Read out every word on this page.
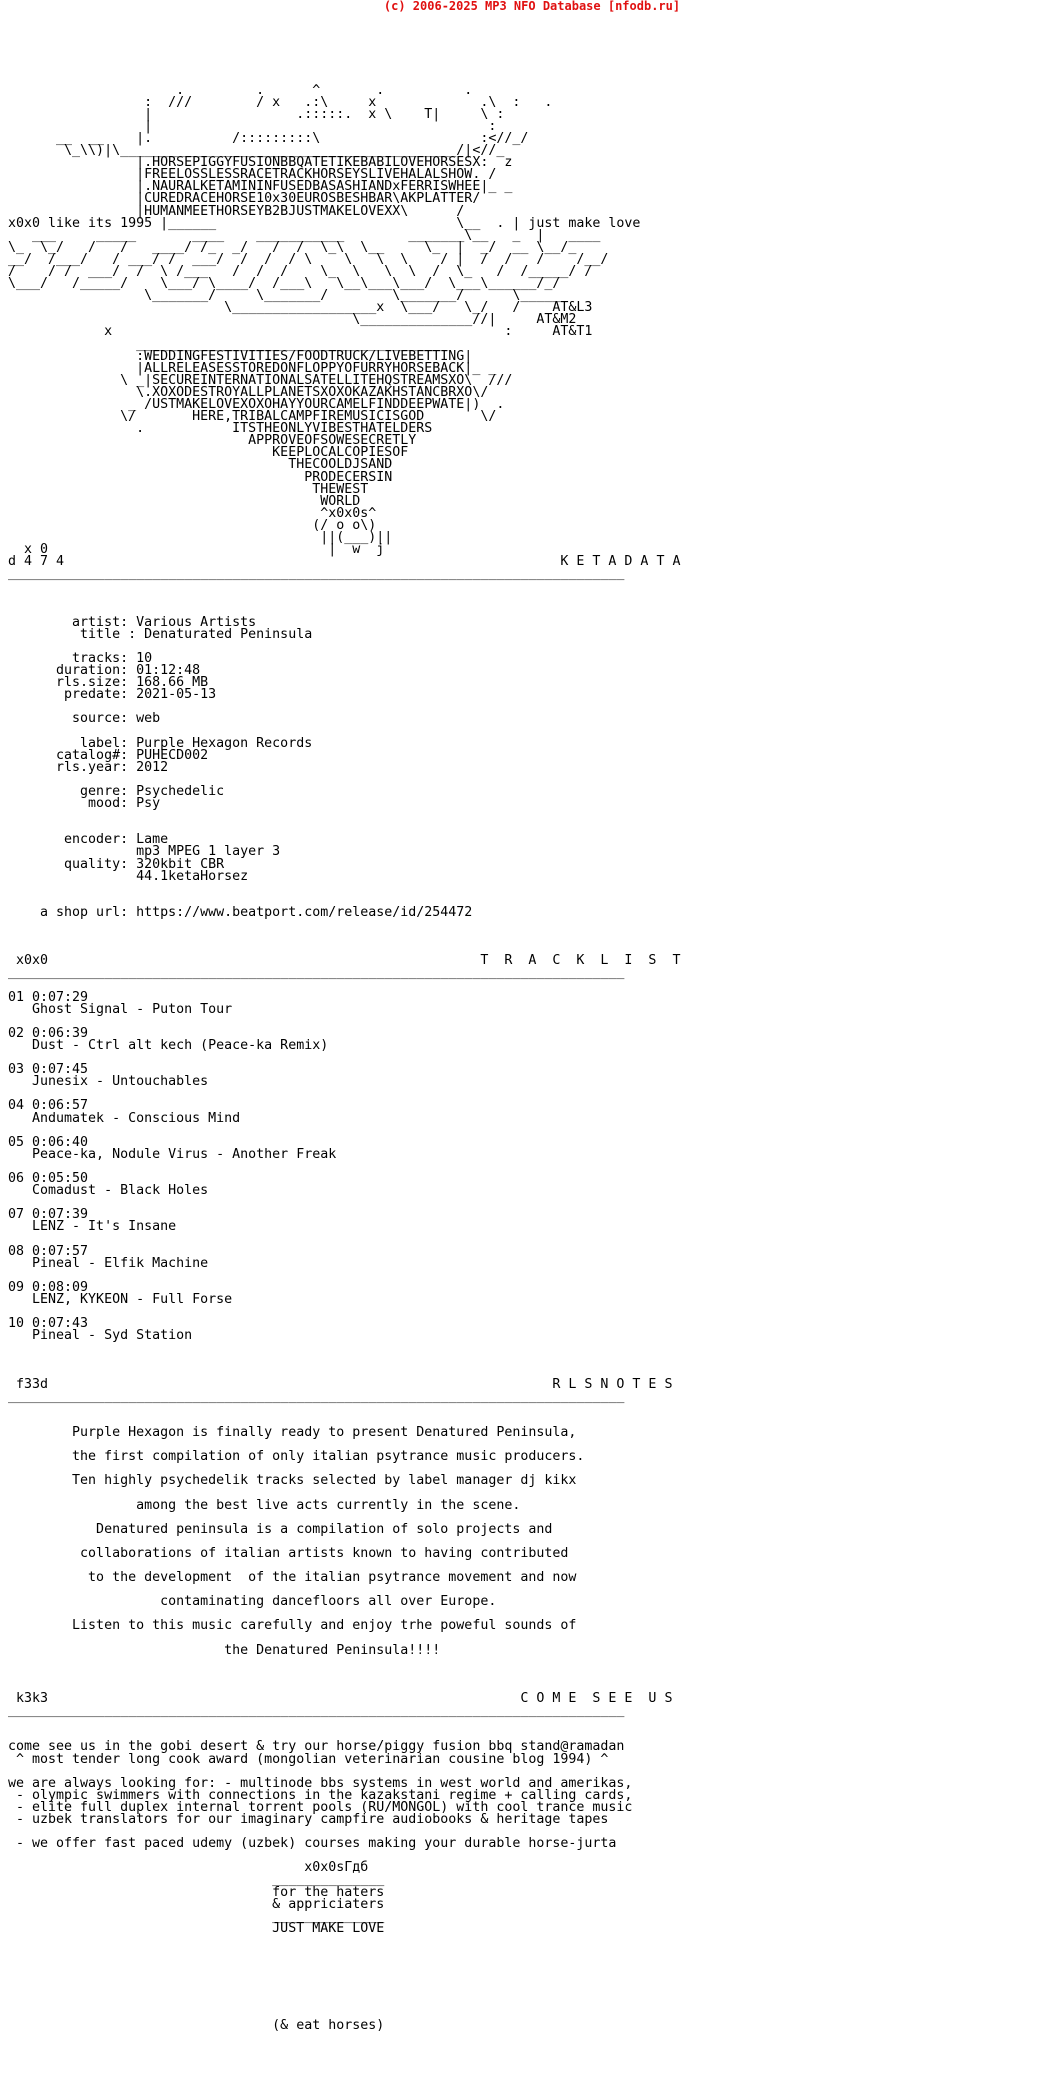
(c) 2006-2025 MP3 NFO Database [nfodb.ru]

.         .      ^       .          .
:  ///        / x   .:\     x             .\  :   .
|                  .:::::.  x \    T|     \ :
|                                          :
__  __    |.          /:::::::::\                    :<//_/
\_\\)|\__________________________________________/|<//_
|.HORSEPIGGYFUSIONBBQATETIKEBABILOVEHORSESX:  z
|FREELOSSLESSRACETRACKHORSEYSLIVEHALALSHOW. /
|.NAURALKETAMININFUSEDBASASHIANDxFERRISWHEE|_ _
|CUREDRACEHORSE10x30EUROSBESHBAR\AKPLATTER/
|HUMANMEETHORSEYB2BJUSTMAKELOVEXX\      /
x0x0 like its 1995 |______                              \__  . | just make love
___     _____       ____    ___________        _______\__   _  |   ____
\_  \_/   /   /   ____/ /_  _/   /  /  \_\  \__     \_  |  _/  __ \__/_
__/  /___/   / ___/ /  ___/  /  /  / \    \   \  \    / |  /  /   /    /__/
/    / /  ___/  /  \ /___   /  /  /    \_  \   \  \  /  \_   /  /_____/ /
\___/   /_____/    \___/ \____/  /___\   \__\___\___/  \___\______/_/
\_______/     \_______/        \_______/      \_____
\__________________x  \___/   \_/   /    AT&L3
\______________//|     AT&M2
x                                                 :     AT&T1
_______________________________________
:WEDDINGFESTIVITIES/FOODTRUCK/LIVEBETTING|
|ALLRELEASESSTOREDONFLOPPYOFURRYHORSEBACK|_ _
\ _|SECUREINTERNATIONALSATELLITEHQSTREAMSXO\  ///
\.XOXODESTROYALLPLANETSXOXOKAZAKHSTANCBRXO\/
_ /USTMAKELOVEXOXOHAYYOURCAMELFINDDEEPWATE|)  .
\/       HERE,TRIBALCAMPFIREMUSICISGOD       \/
.           ITSTHEONLYVIBESTHATELDERS
APPROVEOFSOWESECRETLY
KEEPLOCALCOPIESOF
THECOOLDJSAND
PRODECERSIN
THEWEST
WORLD
^x0x0s^
(/ o o\)
||(___)||
x 0                                   |  w  j
d 4 7 4                                                              K E T A D A T A
_____________________________________________________________________________

artist: Various Artists
title : Denaturated Peninsula

tracks: 10
duration: 01:12:48
rls.size: 168.66 MB
predate: 2021-05-13

source: web

label: Purple Hexagon Records
catalog#: PUHECD002
rls.year: 2012

genre: Psychedelic
mood: Psy

encoder: Lame
mp3 MPEG 1 layer 3
quality: 320kbit CBR
44.1ketaHorsez

a shop url: https://www.beatport.com/release/id/254472

x0x0                                                      T  R  A  C  K  L  I  S  T
_____________________________________________________________________________

01 0:07:29
Ghost Signal - Puton Tour

02 0:06:39
Dust - Ctrl alt kech (Peace-ka Remix)

03 0:07:45
Junesix - Untouchables

04 0:06:57
Andumatek - Conscious Mind

05 0:06:40
Peace-ka, Nodule Virus - Another Freak

06 0:05:50
Comadust - Black Holes

07 0:07:39
LENZ - It's Insane

08 0:07:57
Pineal - Elfik Machine

09 0:08:09
LENZ, KYKEON - Full Forse

10 0:07:43
Pineal - Syd Station

f33d                                                               R L S N O T E S
_____________________________________________________________________________

Purple Hexagon is finally ready to present Denatured Peninsula,

the first compilation of only italian psytrance music producers.

Ten highly psychedelik tracks selected by label manager dj kikx

among the best live acts currently in the scene.

Denatured peninsula is a compilation of solo projects and

collaborations of italian artists known to having contributed

to the development  of the italian psytrance movement and now

contaminating dancefloors all over Europe.

Listen to this music carefully and enjoy trhe poweful sounds of

the Denatured Peninsula!!!!

k3k3                                                           C O M E  S E E  U S
_____________________________________________________________________________

come see us in the gobi desert & try our horse/piggy fusion bbq stand@ramadan
^ most tender long cook award (mongolian veterinarian cousine blog 1994) ^

we are always looking for: - multinode bbs systems in west world and amerikas,
- olympic swimmers with connections in the kazakstani regime + calling cards,
- elite full duplex internal torrent pools (RU/MONGOL) with cool trance music
- uzbek translators for our imaginary campfire audiobooks & heritage tapes

- we offer fast paced udemy (uzbek) courses making your durable horse-jurta

x0x0sГдб
______________
for the haters
& appriciaters
______________
JUST MAKE LOVE

(& eat horses)
